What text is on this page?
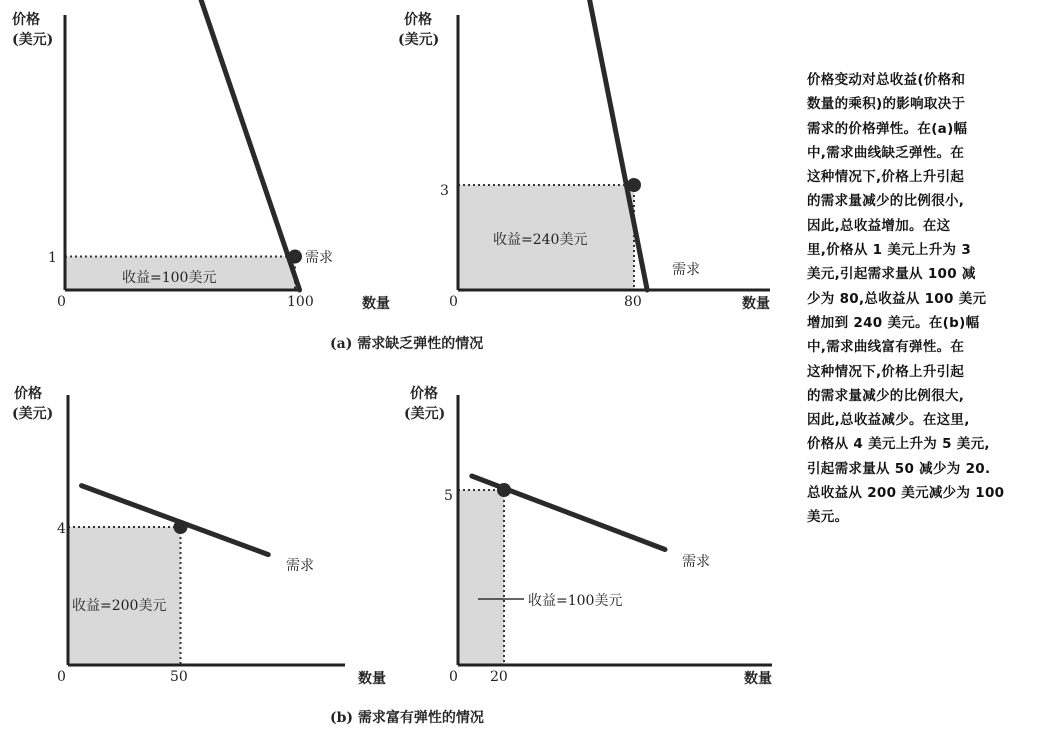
价格
(美元)
数量
0	100
1	需求
收益=100美元
价格
(美元)
数量
0	80
3
需求
收益=240美元
价格
(美元)
数量
0	50
4
需求
收益=200美元
价格
(美元)
数量
0 20
5
需求
收益=100美元
(a) 需求缺乏弹性的情况
(b) 需求富有弹性的情况
价格变动对总收益(价格和
数量的乘积)的影响取决于
需求的价格弹性。在(a)幅
中,需求曲线缺乏弹性。在
这种情况下,价格上升引起
的需求量减少的比例很小,
因此,总收益增加。在这
里,价格从 1 美元上升为 3
美元,引起需求量从 100 减
少为 80,总收益从 100 美元
增加到 240 美元。在(b)幅
中,需求曲线富有弹性。在
这种情况下,价格上升引起
的需求量减少的比例很大,
因此,总收益减少。在这里,
价格从 4 美元上升为 5 美元,
引起需求量从 50 减少为 20.
总收益从 200 美元减少为 100
美元。
